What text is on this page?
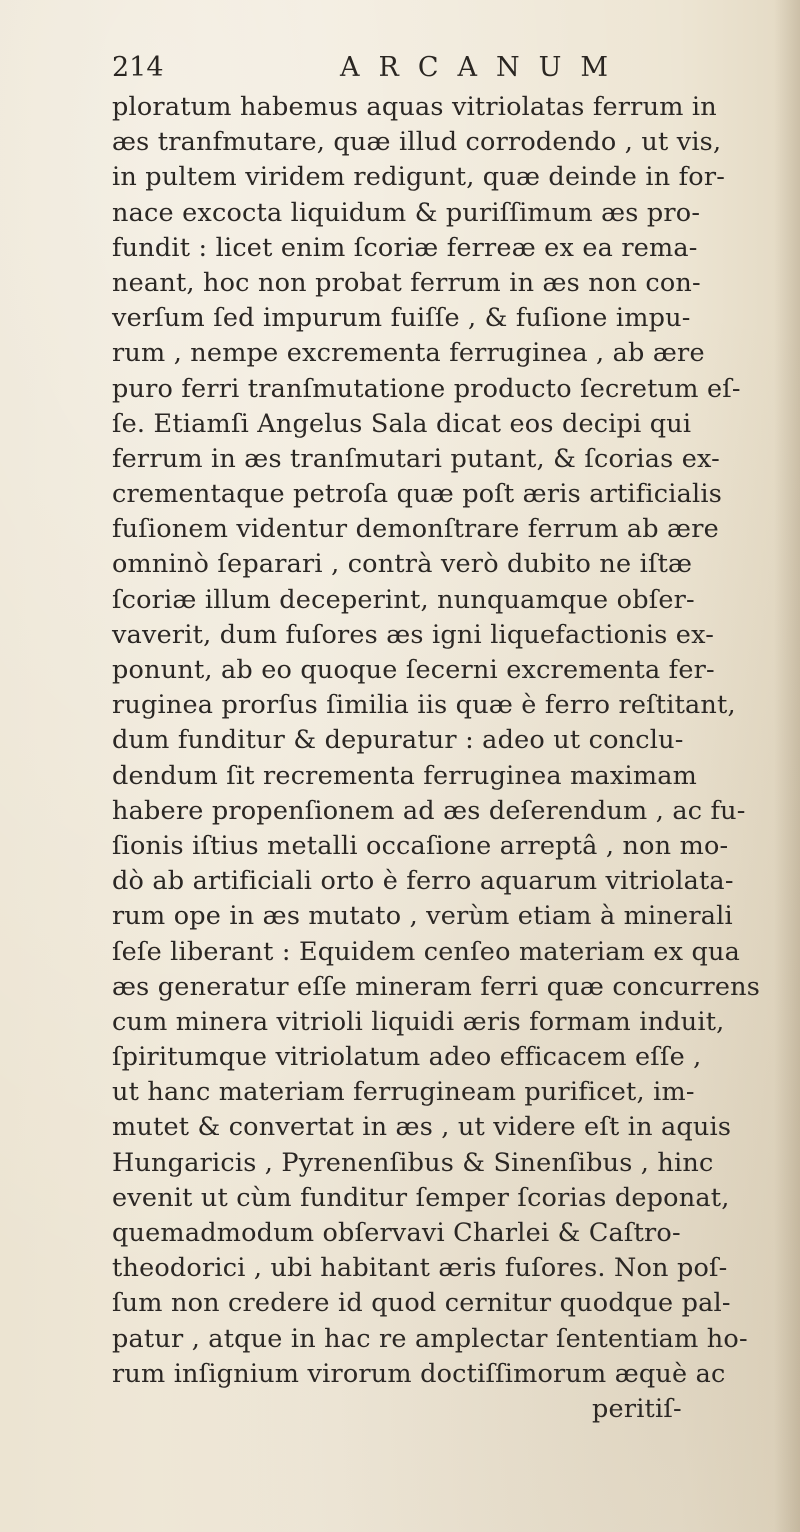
214	ARCANUM
ploratum habemus aquas vitriolatas ferrum in
æs tranfmutare, quæ illud corrodendo , ut vis,
in pultem viridem redigunt, quæ deinde in for-
nace excocta liquidum & puriſſimum æs pro-
fundit : licet enim ſcoriæ ferreæ ex ea rema-
neant, hoc non probat ferrum in æs non con-
verſum ſed impurum fuiſſe , & fuſione impu-
rum , nempe excrementa ferruginea , ab ære
puro ferri tranſmutatione producto ſecretum eſ-
ſe. Etiamſi Angelus Sala dicat eos decipi qui
ferrum in æs tranſmutari putant, & ſcorias ex-
crementaque petroſa quæ poſt æris artificialis
fuſionem videntur demonſtrare ferrum ab ære
omninò ſeparari , contrà verò dubito ne iſtæ
ſcoriæ illum deceperint, nunquamque obſer-
vaverit, dum fuſores æs igni liquefactionis ex-
ponunt, ab eo quoque ſecerni excrementa fer-
ruginea prorſus ſimilia iis quæ è ferro reſtitant,
dum funditur & depuratur : adeo ut conclu-
dendum ſit recrementa ferruginea maximam
habere propenſionem ad æs deſerendum , ac fu-
ſionis iſtius metalli occaſione arreptâ , non mo-
dò ab artificiali orto è ferro aquarum vitriolata-
rum ope in æs mutato , verùm etiam à minerali
ſeſe liberant : Equidem cenſeo materiam ex qua
æs generatur eſſe mineram ferri quæ concurrens
cum minera vitrioli liquidi æris formam induit,
ſpiritumque vitriolatum adeo efficacem eſſe ,
ut hanc materiam ferrugineam purificet, im-
mutet & convertat in æs , ut videre eſt in aquis
Hungaricis , Pyrenenſibus & Sinenſibus , hinc
evenit ut cùm funditur ſemper ſcorias deponat,
quemadmodum obſervavi Charlei & Caſtro-
theodorici , ubi habitant æris fuſores. Non poſ-
ſum non credere id quod cernitur quodque pal-
patur , atque in hac re amplectar ſententiam ho-
rum inſignium virorum doctiſſimorum æquè ac
peritiſ-
